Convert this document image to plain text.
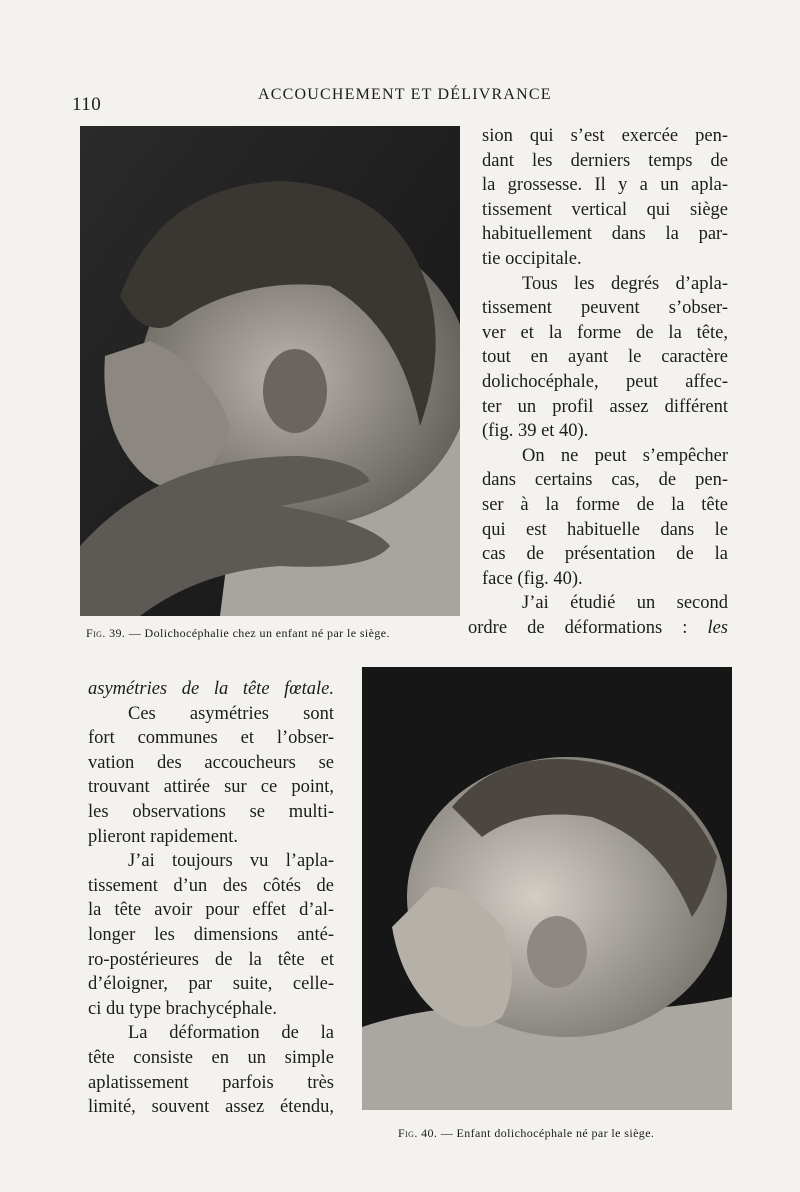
110	ACCOUCHEMENT ET DÉLIVRANCE
Fig. 39. — Dolichocéphalie chez un enfant né par le siège.
Fig. 40. — Enfant dolichocéphale né par le siège.
sion qui s’est exercée pen-
dant les derniers temps de
la grossesse. Il y a un apla-
tissement vertical qui siège
habituellement dans la par-
tie occipitale.
Tous les degrés d’apla-
tissement peuvent s’obser-
ver et la forme de la tête,
tout en ayant le caractère
dolichocéphale, peut affec-
ter un profil assez différent
(fig. 39 et 40).
On ne peut s’empêcher
dans certains cas, de pen-
ser à la forme de la tête
qui est habituelle dans le
cas de présentation de la
face (fig. 40).
J’ai étudié un second
ordre de déformations : les
asymétries de la tête fœtale.
Ces asymétries sont
fort communes et l’obser-
vation des accoucheurs se
trouvant attirée sur ce point,
les observations se multi-
plieront rapidement.
J’ai toujours vu l’apla-
tissement d’un des côtés de
la tête avoir pour effet d’al-
longer les dimensions anté-
ro-postérieures de la tête et
d’éloigner, par suite, celle-
ci du type brachycéphale.
La déformation de la
tête consiste en un simple
aplatissement parfois très
limité, souvent assez étendu,
